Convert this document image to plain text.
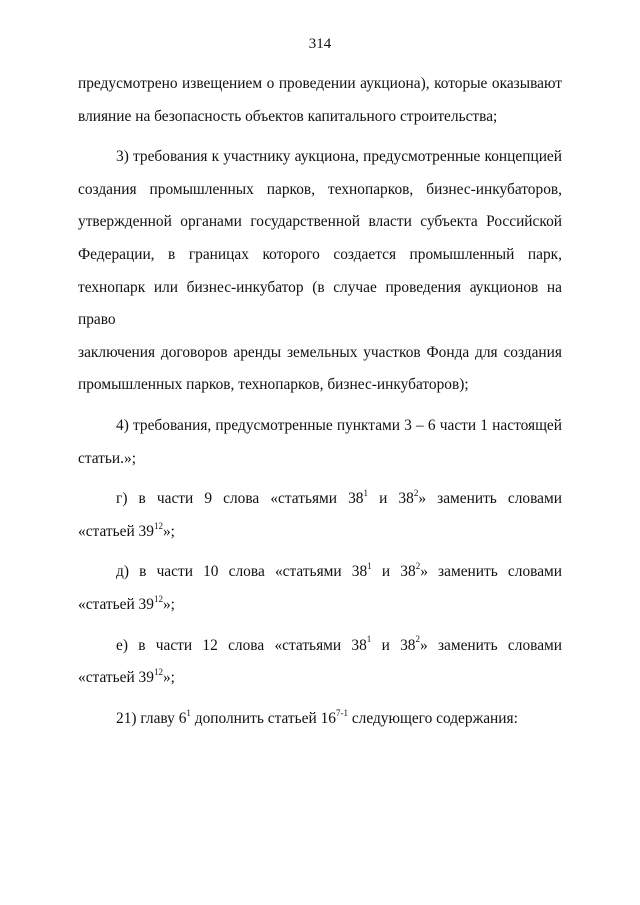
314

предусмотрено извещением о проведении аукциона), которые оказывают

влияние на безопасность объектов капитального строительства;

3) требования к участнику аукциона, предусмотренные концепцией

создания промышленных парков, технопарков, бизнес-инкубаторов,

утвержденной органами государственной власти субъекта Российской

Федерации, в границах которого создается промышленный парк,

технопарк или бизнес-инкубатор (в случае проведения аукционов на право

заключения договоров аренды земельных участков Фонда для создания

промышленных парков, технопарков, бизнес-инкубаторов);

4) требования, предусмотренные пунктами 3 – 6 части 1 настоящей

статьи.»;

г) в части 9 слова «статьями $38^1$ и $38^2$» заменить словами

«статьей $39^{12}$»;

д) в части 10 слова «статьями $38^1$ и $38^2$» заменить словами

«статьей $39^{12}$»;

е) в части 12 слова «статьями $38^1$ и $38^2$» заменить словами

«статьей $39^{12}$»;

21) главу $6^1$ дополнить статьей 16$^{7-1}$ следующего содержания:
